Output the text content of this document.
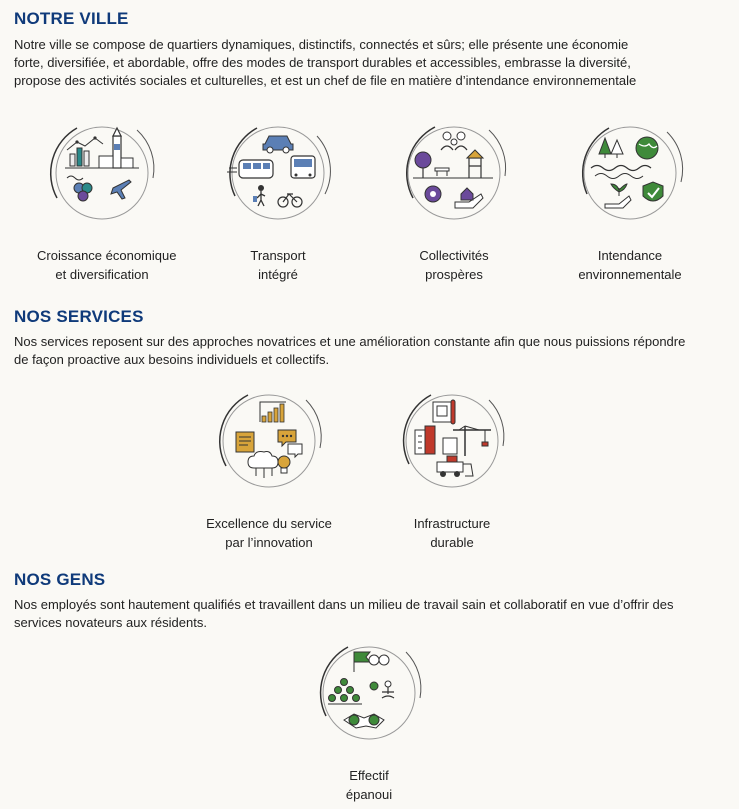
NOTRE VILLE

Notre ville se compose de quartiers dynamiques, distinctifs, connectés et sûrs; elle présente une économie
forte, diversifiée, et abordable, offre des modes de transport durables et accessibles, embrasse la diversité,
propose des activités sociales et culturelles, et est un chef de file en matière d’intendance environnementale

Croissance économique
et diversification
Transport
intégré
Collectivités
prospères
Intendance
environnementale
NOS SERVICES

Nos services reposent sur des approches novatrices et une amélioration constante afin que nous puissions répondre
de façon proactive aux besoins individuels et collectifs.

Excellence du service
par l’innovation
Infrastructure
durable
NOS GENS

Nos employés sont hautement qualifiés et travaillent dans un milieu de travail sain et collaboratif en vue d’offrir des
services novateurs aux résidents.

Effectif
épanoui
